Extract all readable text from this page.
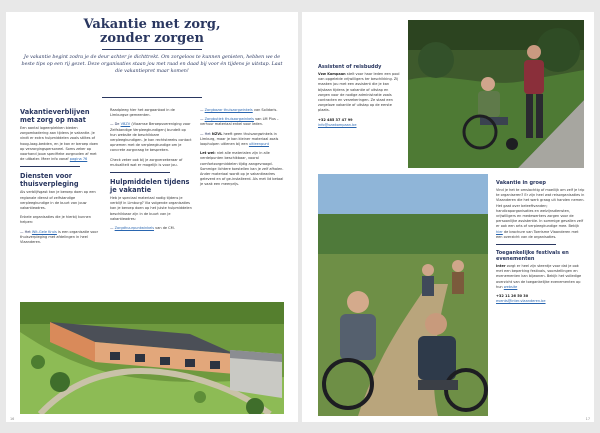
Vakantie met zorg,
zonder zorgen
Je vakantie begint zodra je de deur achter je dichttrekt. Om zorgeloos te kunnen genieten, hebben we de beste tips op een rij gezet. Deze organisaties staan jou met raad en daad bij voor én tijdens je uitstap. Laat die vakantiepret maar komen!
Vakantieverblijven met zorg op maat
Een aantal logeerplekken bieden zorgomkadering aan tijdens je vakantie. Je vindt er extra hulpmiddelen zoals stiltes of hoog-laag-bedden, en je kan er beroep doen op verzorgingspersoneel. Soms zeker op voorhand jouw specifieke zorgnoden af met de uitbater. Meer info vanaf pagina 76
Diensten voor thuisverpleging
Als verblijfsgast kan je beroep doen op een regionale dienst of zelfstandige verpleegkundige in de buurt van jouw vakantieadres.
Enkele organisaties die je hierbij kunnen helpen:
— Het Wit-Gele Kruis is een organisatie voor thuisverpleging met afdelingen in heel Vlaanderen.
Raadpleeg hier het zorgaanbod in de Limburgse gemeenten.
— De VBZV (Vlaamse Beroepsvereniging voor Zelfstandige Verpleegkundigen) bundelt op hun website de beschikbare verpleegkundigen. Je kan rechtstreeks contact opnemen met de verpleegkundige om je concrete zorgvraag te bespreken.
Check zeker ook bij je zorgverzekeraar of mutualiteit wat er mogelijk is voor jou.
Hulpmiddelen tijdens je vakantie
Heb je speciaal materiaal nodig tijdens je verblijf in Limburg? Via volgende organisaties kan je beroep doen op het juiste hulpmiddelen beschikbaar zijn in de buurt van je vakantieadres:
— Zorgdhuurpuntwinkels van de CM.
— Zorgbazar thuiszorgwinkels van Solidaris.
— Zorgbutiek thuiszorgwinkels van LM Plus – verhuur materiaal enkel voor leden.
— Het NZVL heeft geen thuiszorgwinkels in Limburg, maar je kan kleiner materiaal zoals loophulpen uitlenen bij een uitleenpunt
Let wel: niet alle materialen zijn in alle verdelpunten beschikbaar, vooral comfortzorgmiddelen tijdig aangevraagd. Sommige lichtere toestellen kan je zelf afhalen. Ander materiaal wordt op je vakantieadres geleverd en af ge-installeerd. Als met lid betaal je vaak een meerprijs.
16
Assistent of reisbuddy
Vzw Kompaan stelt voor haar leden een pool van opgeleide vrijwilligers ter beschikking. Zij maaken jou met een assistent die je kan bijstaan tijdens je vakantie of uitstap en zorgen voor de nodige administratie zoals contracten en verzekeringen. Ze staat een zorgeloze vakantie of uitstap op de eerste plaats.
+32 485 37 47 99
info@vzwkompaan.be
Vakantie in groep
Vind je het te omslachtig of moeilijk om zelf je trip te organiseren? Er zijn heel wat reisorganisaties in Vlaanderen die het werk graag uit handen nemen. Het gaat over beleeftvanden; handicaporganisaties en welzijnsdiensten, vrijwilligers en medewerkers zorgen voor de persoonlijke assistentie. In sommige gevallen zelf er ook een arts of verpleegkundige mee. Bekijk hier de brochure van Toerisme Vlaanderen met een overzicht van de organisaties.
Toegankelijke festivals en evenementen
Inter zorgt er heel zijn steentje voor dat je ook met een beperking festivals, voorstellingen en evenementen kan bijwonen. Bekijk het volledige overzicht van de toegankelijke evenementen op hun website
+32 11 26 50 30
events@inter-vlaanderen.be
17
